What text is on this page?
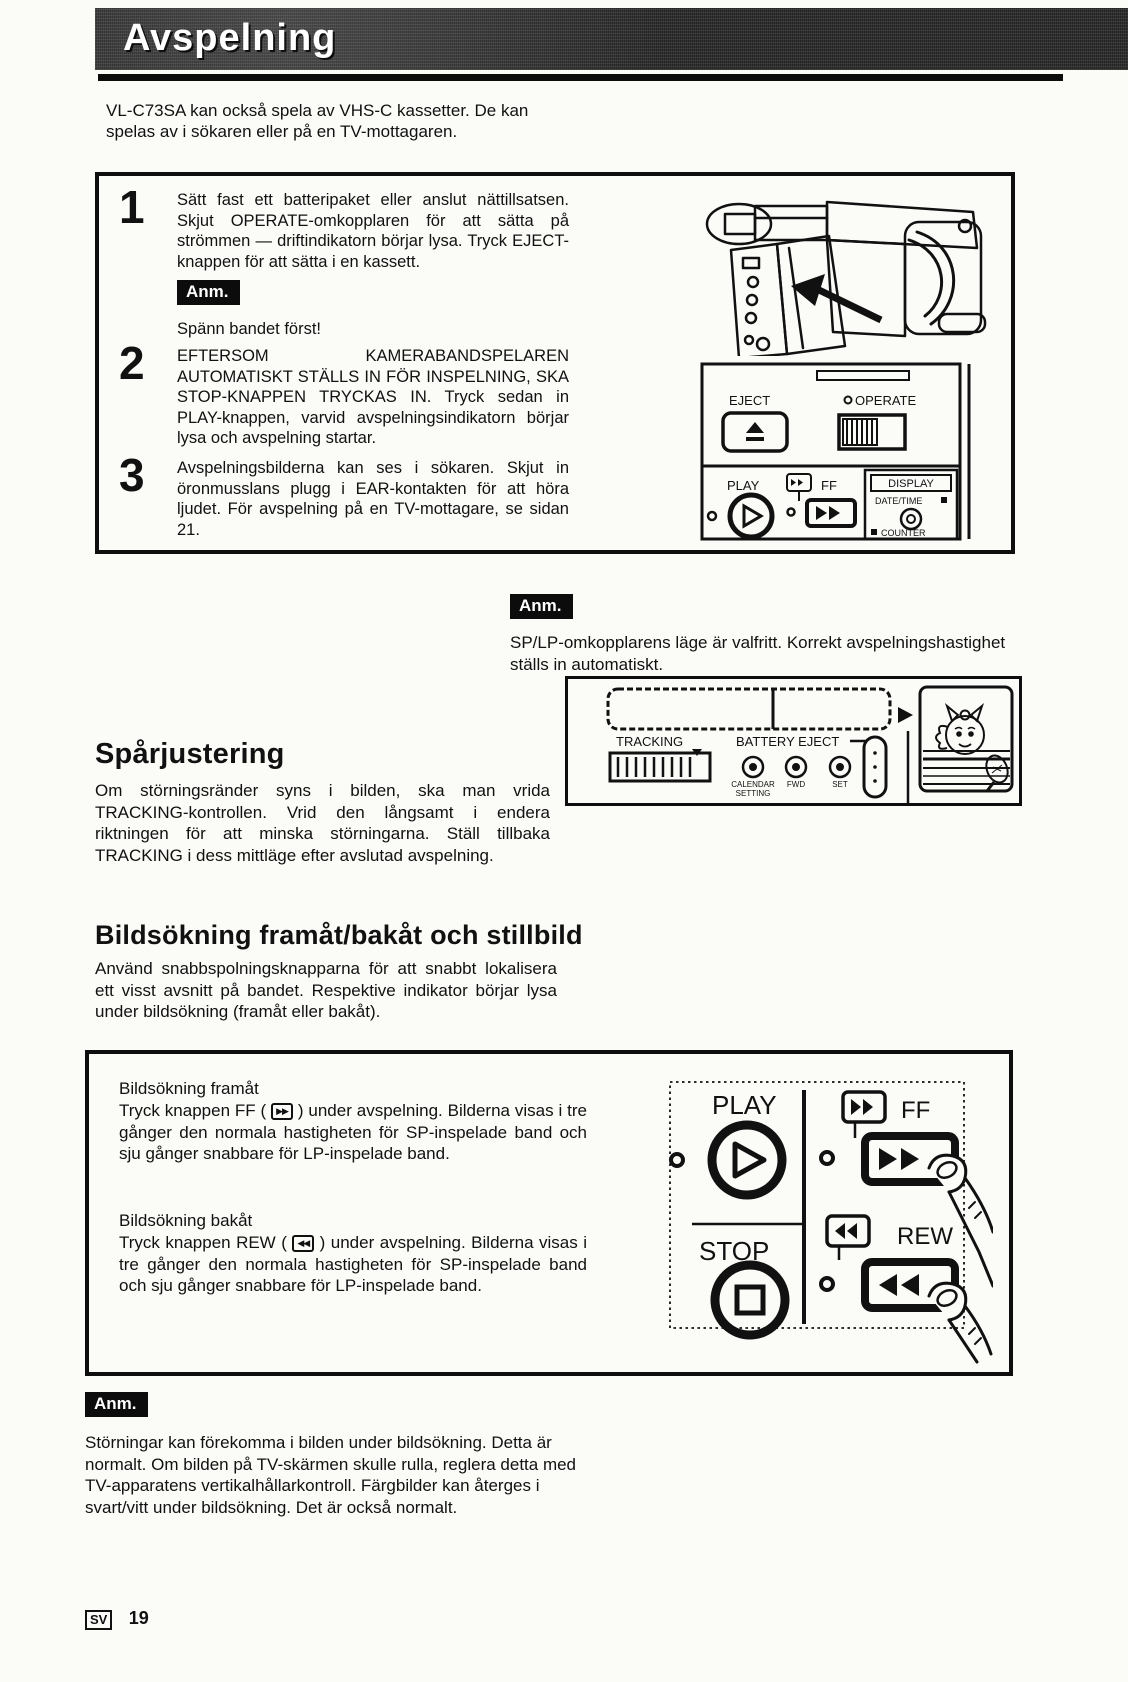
Avspelning
VL-C73SA kan också spela av VHS-C kassetter. De kan spelas av i sökaren eller på en TV-mottagaren.
1 Sätt fast ett batteripaket eller anslut nättillsatsen. Skjut OPERATE-omkopplaren för att sätta på strömmen — driftindikatorn börjar lysa. Tryck EJECT-knappen för att sätta i en kassett.
Anm.
Spänn bandet först!
2 EFTERSOM KAMERABANDSPELAREN AUTOMATISKT STÄLLS IN FÖR INSPELNING, SKA STOP-KNAPPEN TRYCKAS IN. Tryck sedan in PLAY-knappen, varvid avspelningsindikatorn börjar lysa och avspelning startar.
3 Avspelningsbilderna kan ses i sökaren. Skjut in öronmusslans plugg i EAR-kontakten för att höra ljudet. För avspelning på en TV-mottagare, se sidan 21.
EJECT	OPERATE
PLAY	FF	DISPLAY
DATE/TIME
COUNTER
Anm.
SP/LP-omkopplarens läge är valfritt. Korrekt avspelningshastighet ställs in automatiskt.
Spårjustering
Om störningsränder syns i bilden, ska man vrida TRACKING-kontrollen. Vrid den långsamt i endera riktningen för att minska störningarna. Ställ tillbaka TRACKING i dess mittläge efter avslutad avspelning.
TRACKING	BATTERY EJECT
CALENDAR
SETTING
FWD	SET
Bildsökning framåt/bakåt och stillbild
Använd snabbspolningsknapparna för att snabbt lokalisera ett visst avsnitt på bandet. Respektive indikator börjar lysa under bildsökning (framåt eller bakåt).
Bildsökning framåt
Tryck knappen FF ( ▶▶ ) under avspelning. Bilderna visas i tre gånger den normala hastigheten för SP-inspelade band och sju gånger snabbare för LP-inspelade band.
Bildsökning bakåt
Tryck knappen REW ( ◀◀ ) under avspelning. Bilderna visas i tre gånger den normala hastigheten för SP-inspelade band och sju gånger snabbare för LP-inspelade band.
PLAY	FF
STOP	REW
Anm.
Störningar kan förekomma i bilden under bildsökning. Detta är normalt. Om bilden på TV-skärmen skulle rulla, reglera detta med TV-apparatens vertikalhållarkontroll. Färgbilder kan återges i svart/vitt under bildsökning. Det är också normalt.
SV 19
